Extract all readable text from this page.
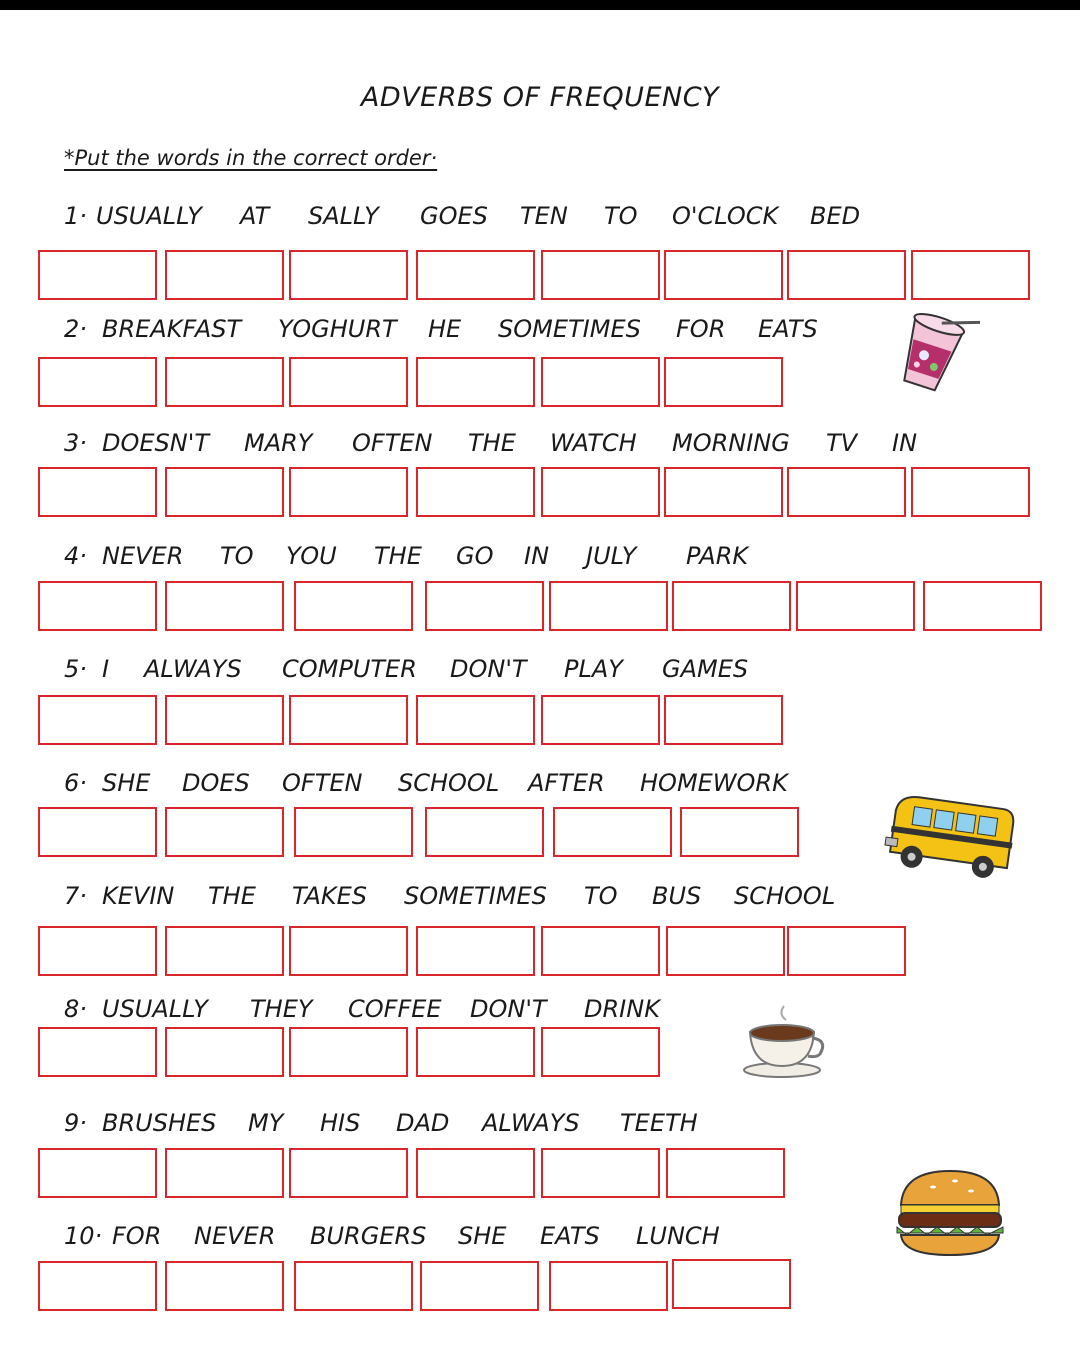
ADVERBS OF FREQUENCY
*Put the words in the correct order·
1· USUALLY AT SALLY GOES TEN TO O'CLOCK BED
2· BREAKFAST YOGHURT HE SOMETIMES FOR EATS
3· DOESN'T MARY OFTEN THE WATCH MORNING TV IN
4· NEVER TO YOU THE GO IN JULY PARK
5· I ALWAYS COMPUTER DON'T PLAY GAMES
6· SHE DOES OFTEN SCHOOL AFTER HOMEWORK
7· KEVIN THE TAKES SOMETIMES TO BUS SCHOOL
8· USUALLY THEY COFFEE DON'T DRINK
9· BRUSHES MY HIS DAD ALWAYS TEETH
10· FOR NEVER BURGERS SHE EATS LUNCH
